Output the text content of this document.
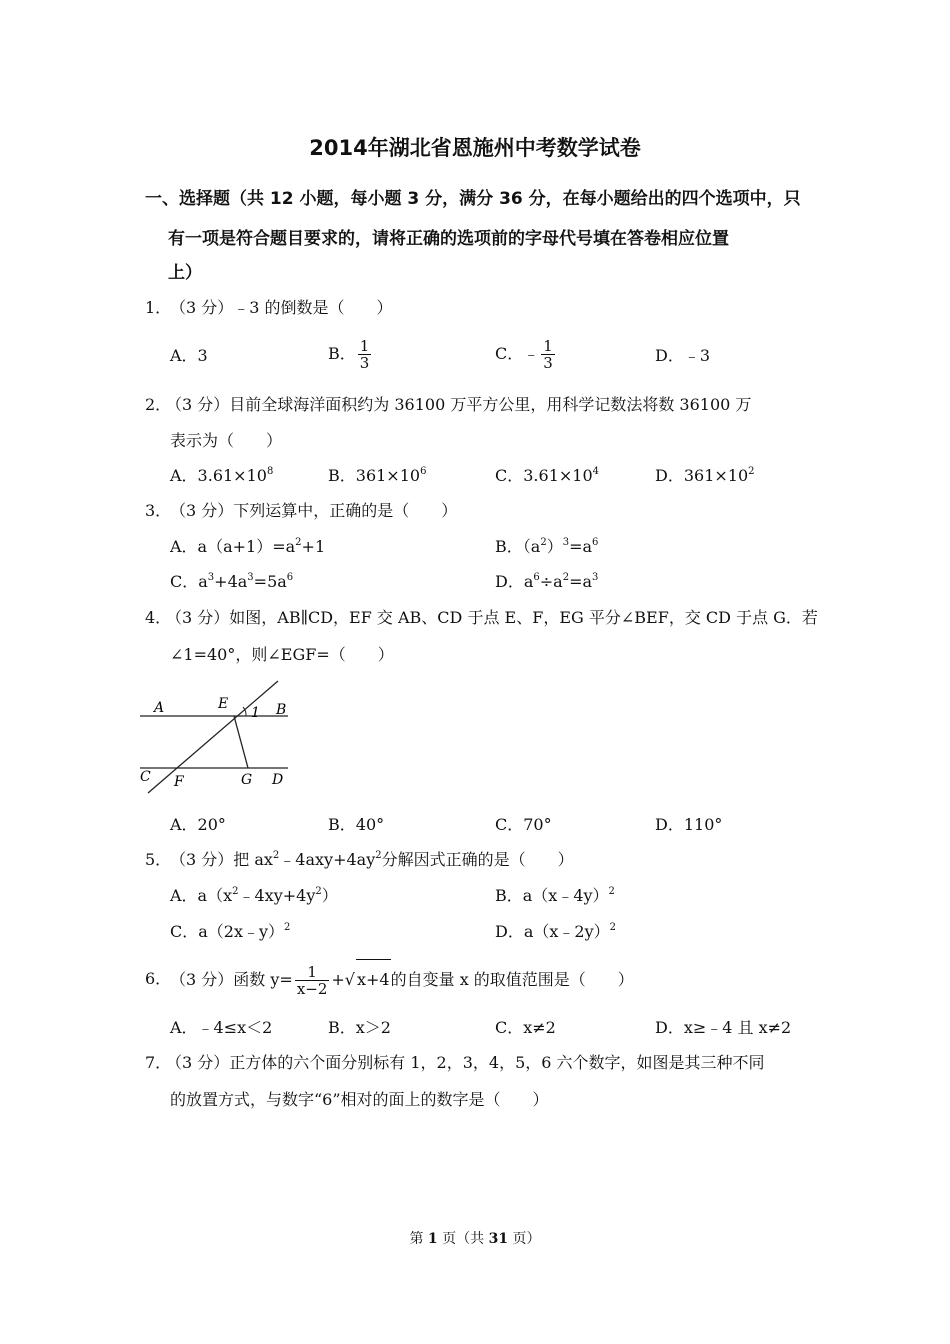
2014年湖北省恩施州中考数学试卷
一、选择题（共 12 小题，每小题 3 分，满分 36 分，在每小题给出的四个选项中，只
有一项是符合题目要求的，请将正确的选项前的字母代号填在答卷相应位置
上）
1．
（3 分）﹣3 的倒数是（　　）
A．3	B． $\frac{1}{3}$	C．﹣ $\frac{1}{3}$	D．﹣3
2．
（3 分）目前全球海洋面积约为 36100 万平方公里，用科学记数法将数 36100 万
表示为（　　）
A．$3.61\times 10^8$	B．$361\times 10^6$	C．$3.61\times 10^4$	D．$361\times 10^2$
3．
（3 分）下列运算中，正确的是（　　）
A．$a(a+1)=a^2+1$	B．$(a^2)^3=a^6$
C．$a^3+4a^3=5a^6$	D．$a^6\div a^2=a^3$
4．
（3 分）如图，AB∥CD，EF 交 AB、CD 于点 E、F，EG 平分∠BEF，交 CD 于点 G．若
∠1=40°，则∠EGF=（　　）
A	E
1 B
C F	G D
A．20°	B．40°	C．70°	D．110°
5．
（3 分）把 $ax^2﹣4axy+4ay^2$分解因式正确的是（　　）
A．$a(x^2﹣4xy+4y^2)$	B．a（x﹣4y）$^2$
C．a（2x﹣y）$^2$	D．a（x﹣2y）$^2$
6．
（3 分）函数 $y= \frac{1}{x-2}$ +√ x+4的自变量 x 的取值范围是（　　）
A．﹣4≤x＜2	B．x＞2	C．x≠2	D．x≥﹣4 且 x≠2
7．
（3 分）正方体的六个面分别标有 1，2，3，4，5，6 六个数字，如图是其三种不同
的放置方式，与数字“6”相对的面上的数字是（　　）
第 1 页（共 31 页）
